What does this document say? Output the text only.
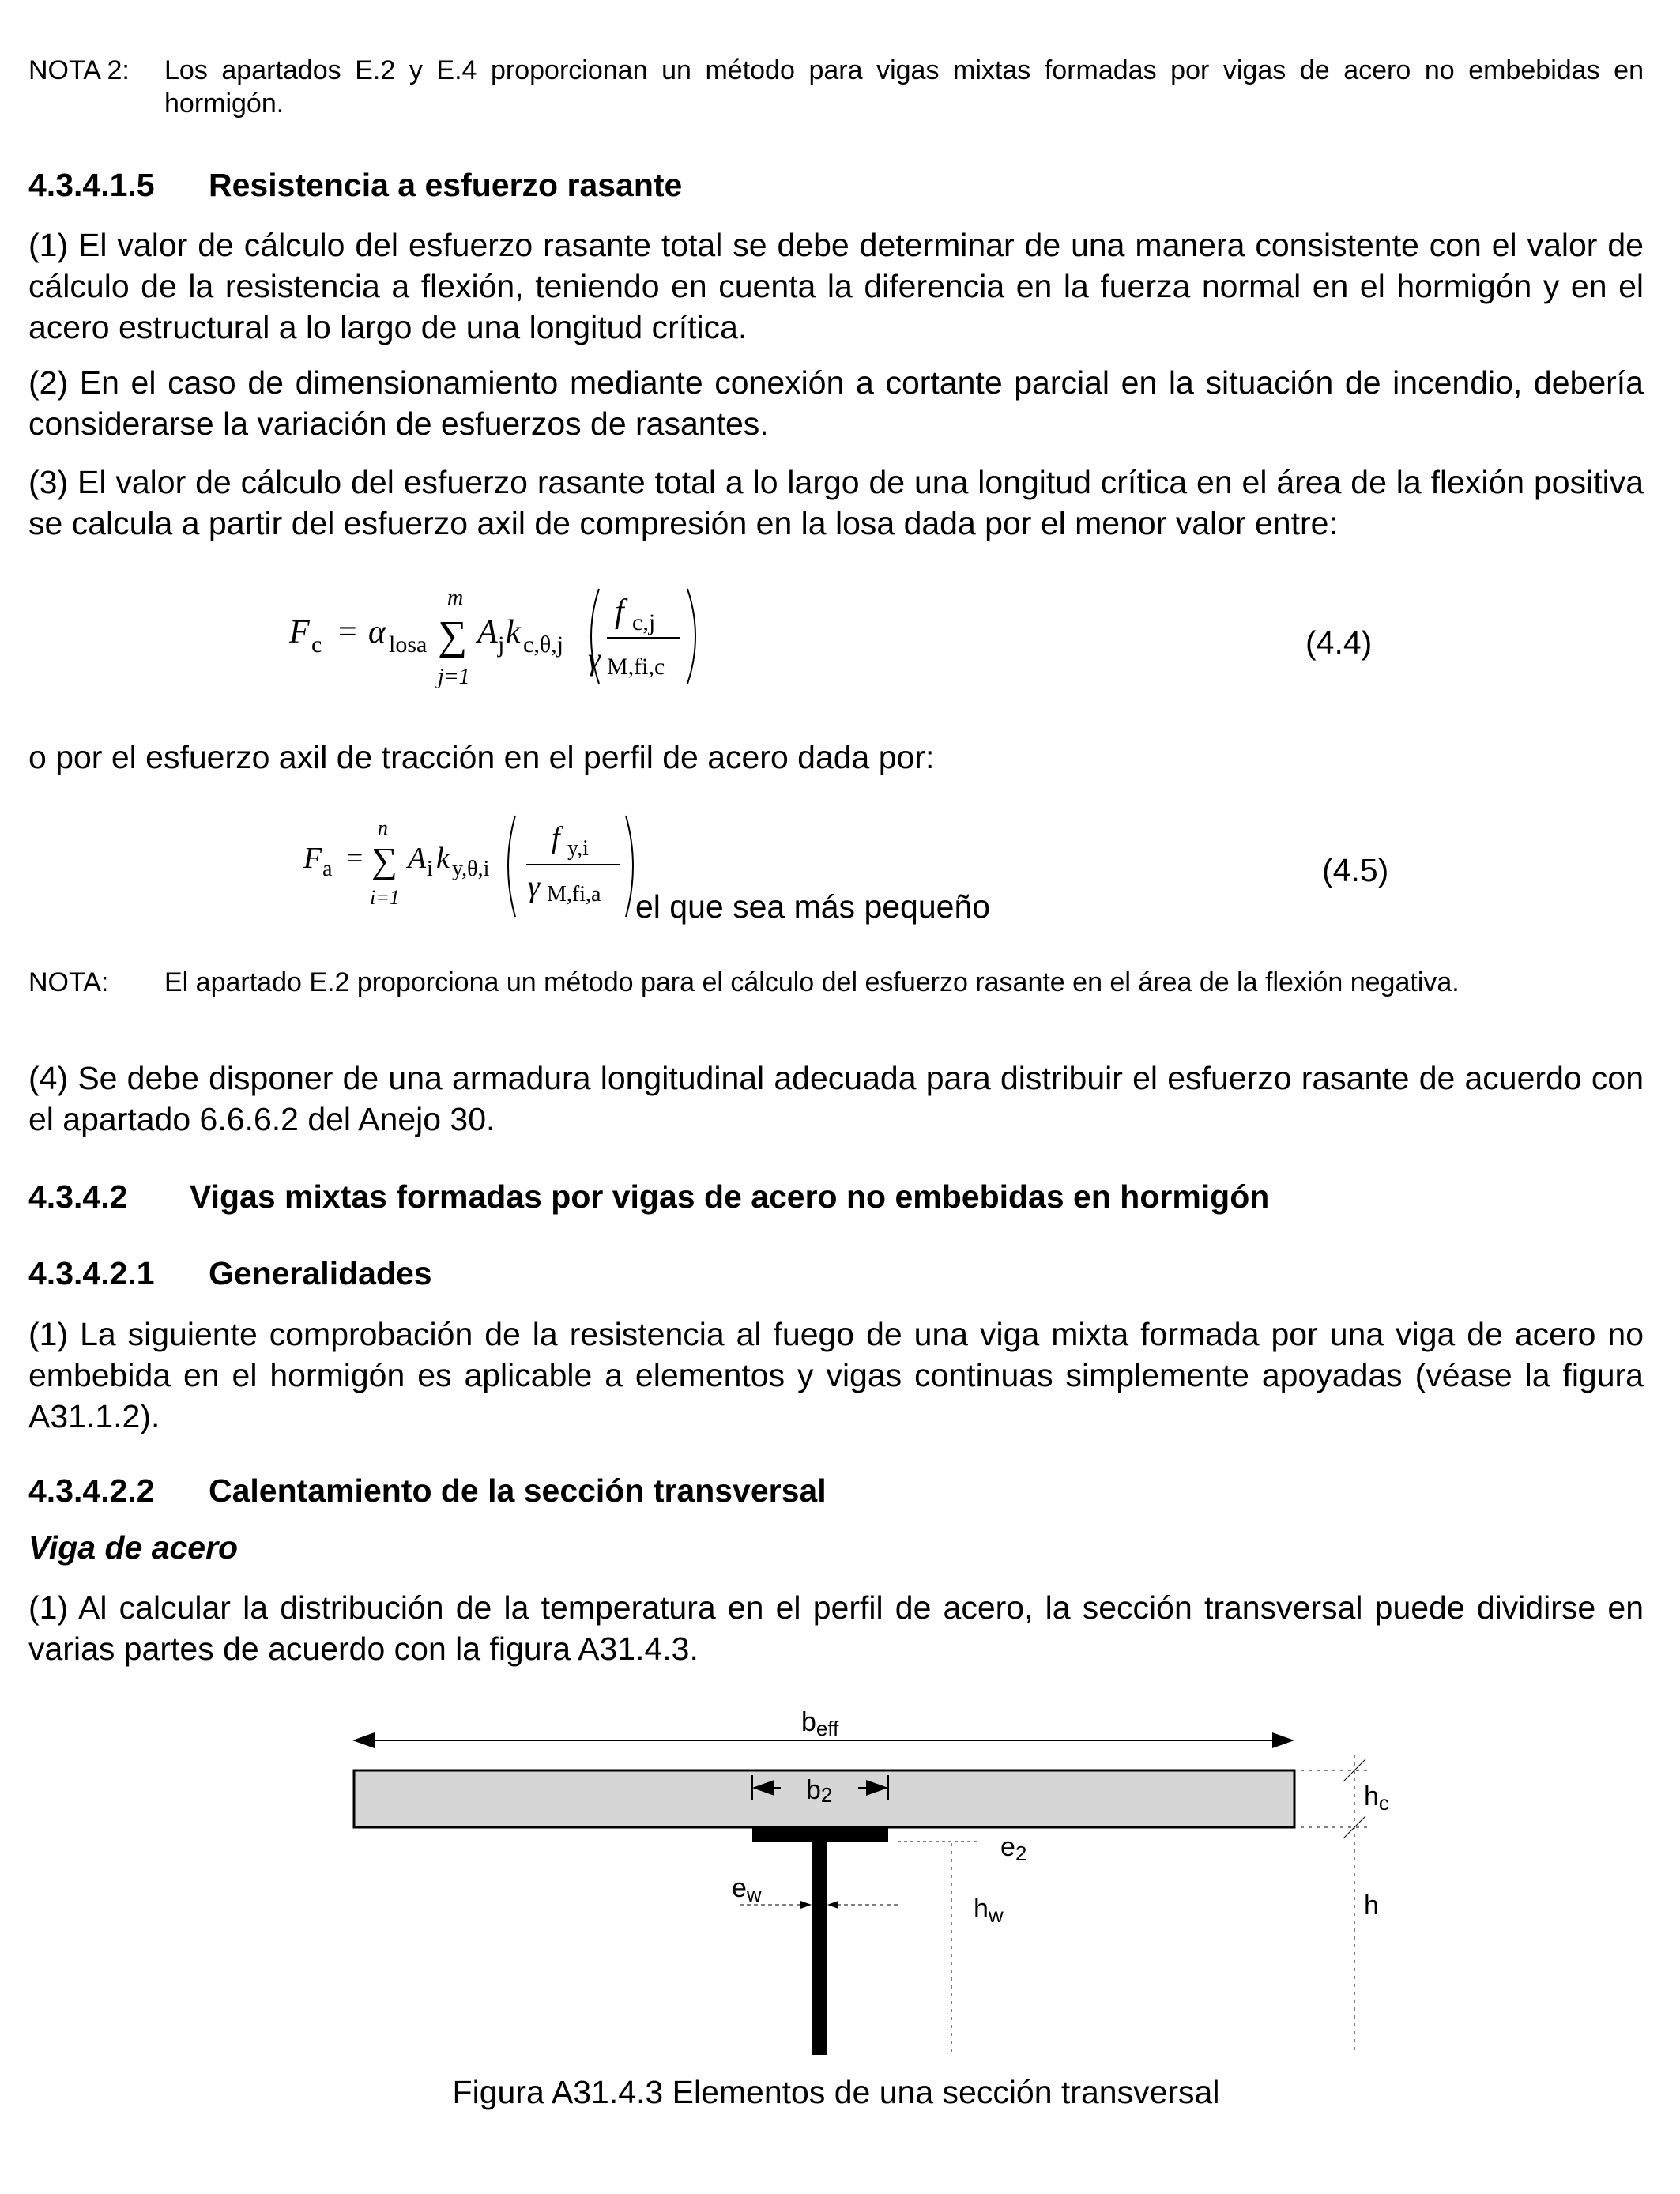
NOTA 2: Los apartados E.2 y E.4 proporcionan un método para vigas mixtas formadas por vigas de acero no embebidas en hormigón.
4.3.4.1.5 Resistencia a esfuerzo rasante

(1) El valor de cálculo del esfuerzo rasante total se debe determinar de una manera consistente con el valor de cálculo de la resistencia a flexión, teniendo en cuenta la diferencia en la fuerza normal en el hormigón y en el acero estructural a lo largo de una longitud crítica.

(2) En el caso de dimensionamiento mediante conexión a cortante parcial en la situación de incendio, debería considerarse la variación de esfuerzos de rasantes.

(3) El valor de cálculo del esfuerzo rasante total a lo largo de una longitud crítica en el área de la flexión positiva se calcula a partir del esfuerzo axil de compresión en la losa dada por el menor valor entre:

F c = α losa
m
∑
j=1
A j k c,θ,j
f c,j
γ M,fi,c
(4.4)

o por el esfuerzo axil de tracción en el perfil de acero dada por:

F a =
n
∑
i=1
A i k y,θ,i
f y,i
γ M,fi,a
(4.5)
el que sea más pequeño
NOTA: El apartado E.2 proporciona un método para el cálculo del esfuerzo rasante en el área de la flexión negativa.

(4) Se debe disponer de una armadura longitudinal adecuada para distribuir el esfuerzo rasante de acuerdo con el apartado 6.6.6.2 del Anejo 30.

4.3.4.2 Vigas mixtas formadas por vigas de acero no embebidas en hormigón
4.3.4.2.1 Generalidades

(1) La siguiente comprobación de la resistencia al fuego de una viga mixta formada por una viga de acero no embebida en el hormigón es aplicable a elementos y vigas continuas simplemente apoyadas (véase la figura A31.1.2).

4.3.4.2.2 Calentamiento de la sección transversal
Viga de acero

(1) Al calcular la distribución de la temperatura en el perfil de acero, la sección transversal puede dividirse en varias partes de acuerdo con la figura A31.4.3.

beff
b2
e2
ew	hw
hc
h
Figura A31.4.3 Elementos de una sección transversal
